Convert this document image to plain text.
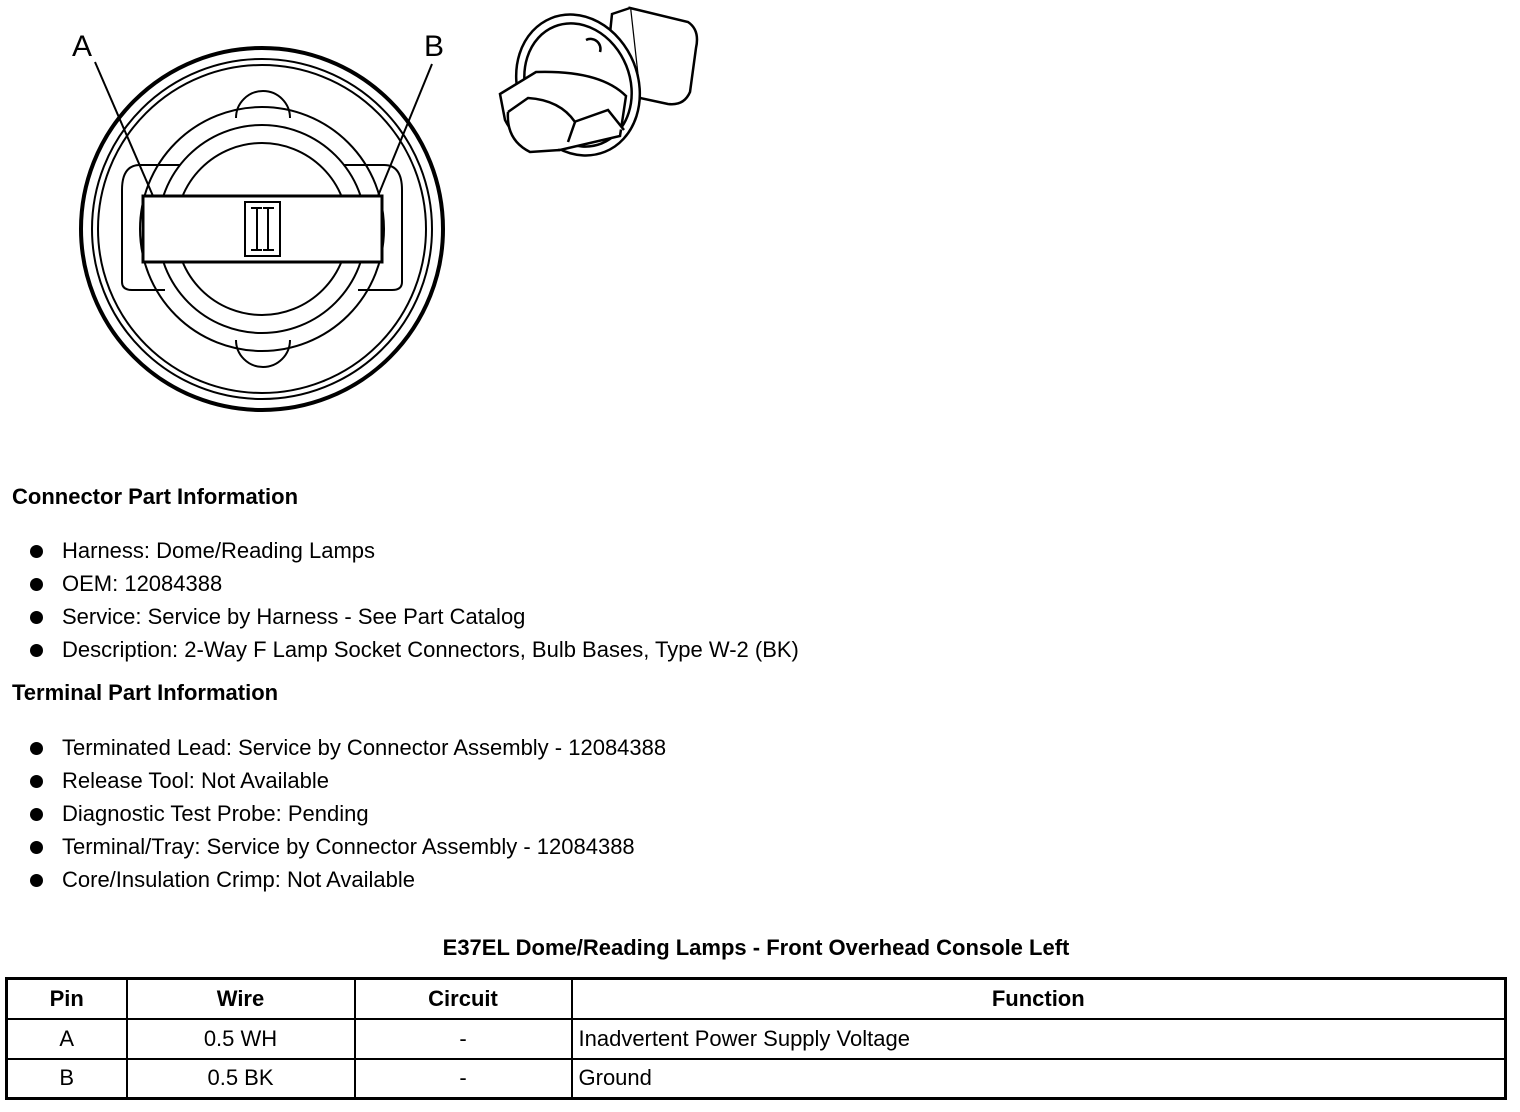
A	B
Connector Part Information
Harness: Dome/Reading Lamps
OEM: 12084388
Service: Service by Harness - See Part Catalog
Description: 2-Way F Lamp Socket Connectors, Bulb Bases, Type W-2 (BK)
Terminal Part Information
Terminated Lead: Service by Connector Assembly - 12084388
Release Tool: Not Available
Diagnostic Test Probe: Pending
Terminal/Tray: Service by Connector Assembly - 12084388
Core/Insulation Crimp: Not Available
E37EL Dome/Reading Lamps - Front Overhead Console Left
Pin	Wire	Circuit	Function
A	0.5 WH	-	Inadvertent Power Supply Voltage
B	0.5 BK	-	Ground
